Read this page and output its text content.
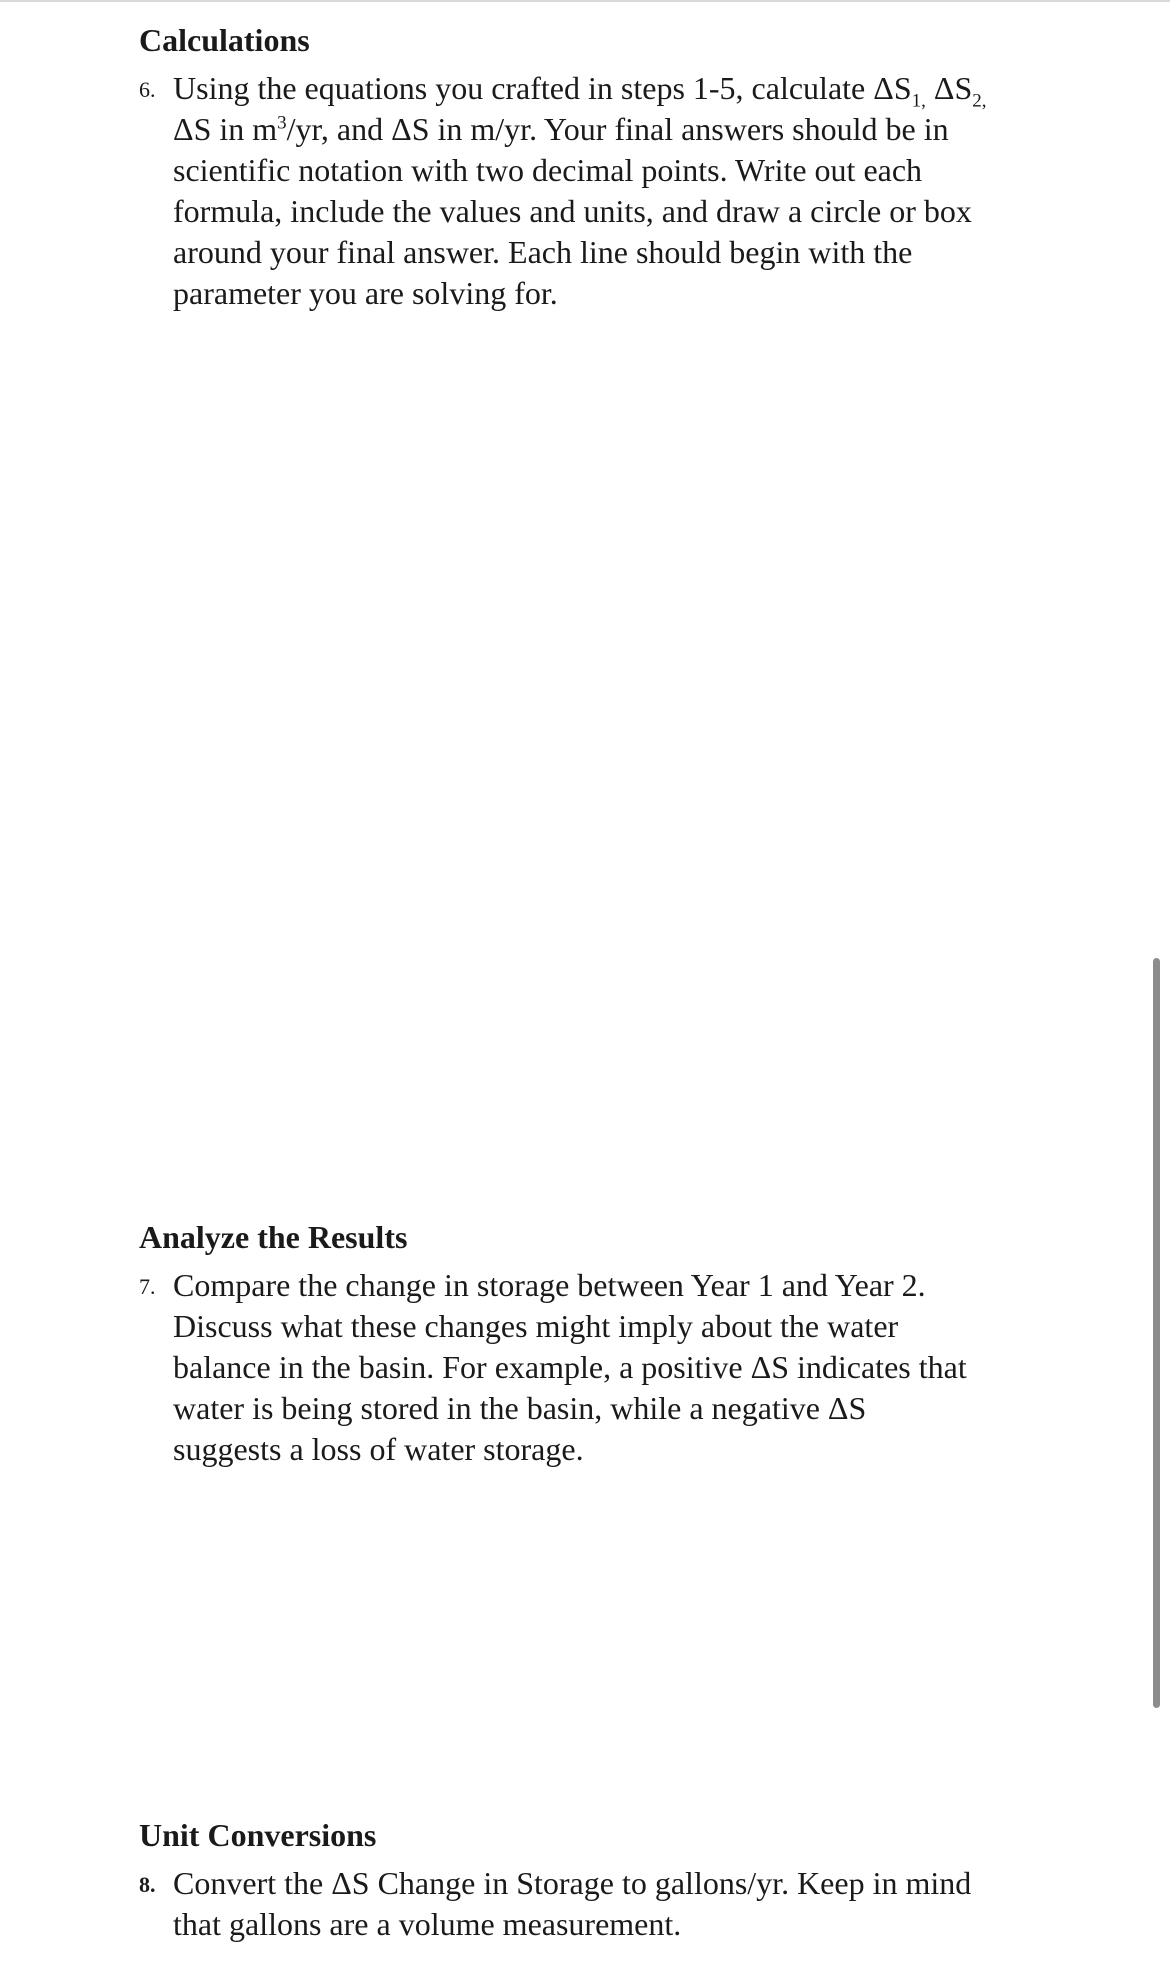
Calculations
6. Using the equations you crafted in steps 1-5, calculate $\Delta S_{1,}$ $\Delta S_{2,}$
ΔS in $m^3/yr$, and ΔS in m/yr. Your final answers should be in
scientific notation with two decimal points. Write out each
formula, include the values and units, and draw a circle or box
around your final answer. Each line should begin with the
parameter you are solving for.
Analyze the Results
7. Compare the change in storage between Year 1 and Year 2.
Discuss what these changes might imply about the water
balance in the basin. For example, a positive ΔS indicates that
water is being stored in the basin, while a negative ΔS
suggests a loss of water storage.
Unit Conversions
8. Convert the ΔS Change in Storage to gallons/yr. Keep in mind
that gallons are a volume measurement.
